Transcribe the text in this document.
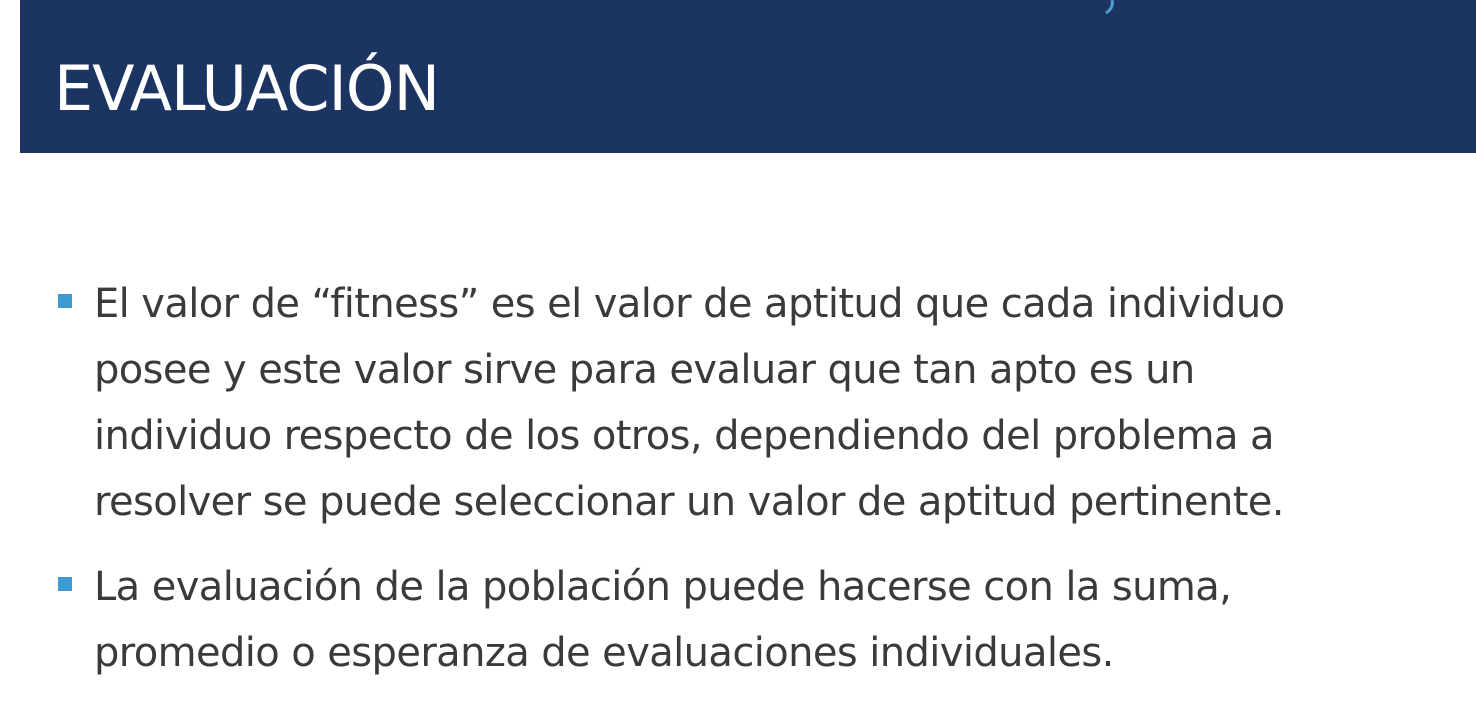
EVALUACIÓN
El valor de “fitness” es el valor de aptitud que cada individuo
posee y este valor sirve para evaluar que tan apto es un
individuo respecto de los otros, dependiendo del problema a
resolver se puede seleccionar un valor de aptitud pertinente.
La evaluación de la población puede hacerse con la suma,
promedio o esperanza de evaluaciones individuales.
